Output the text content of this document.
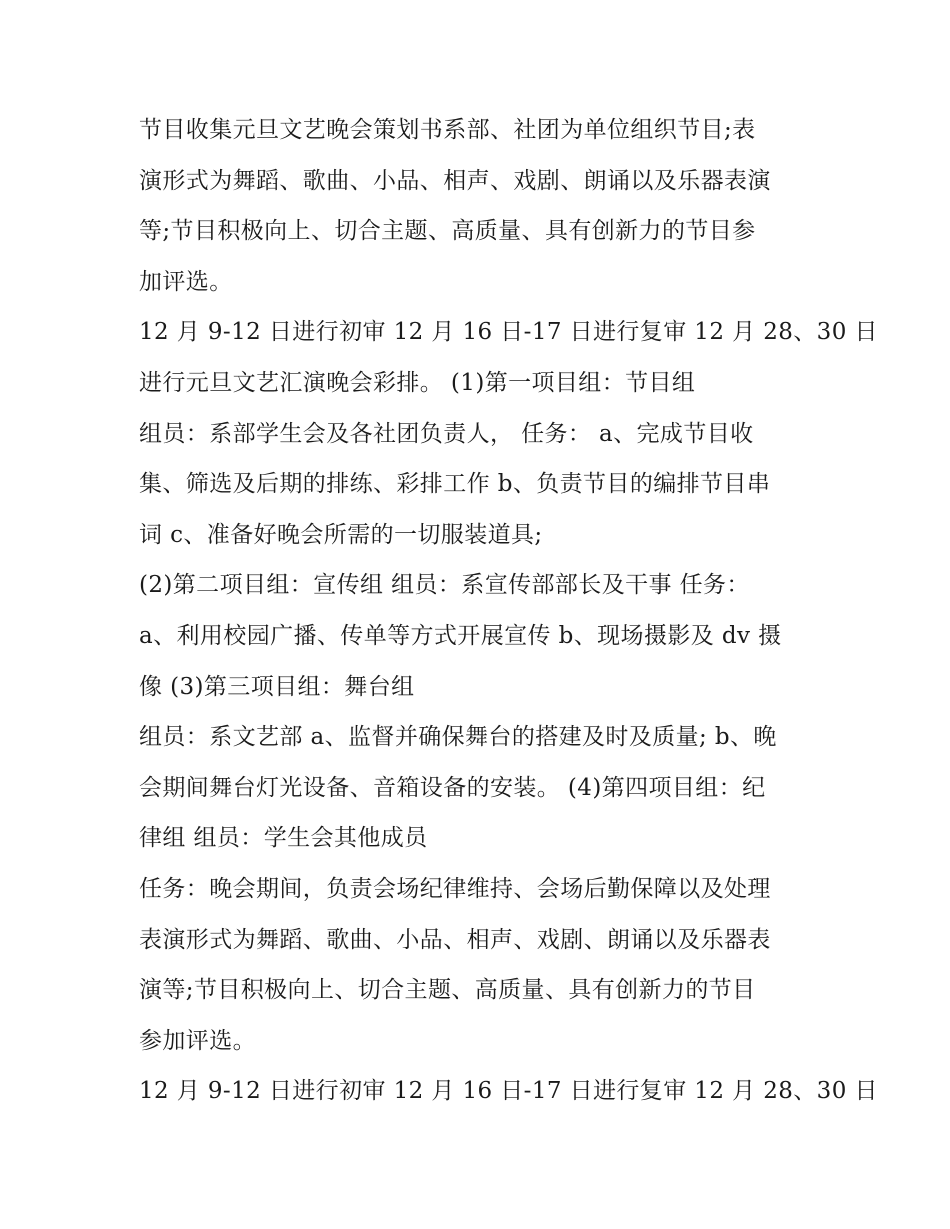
节目收集元旦文艺晚会策划书系部、社团为单位组织节目;表
演形式为舞蹈、歌曲、小品、相声、戏剧、朗诵以及乐器表演
等;节目积极向上、切合主题、高质量、具有创新力的节目参
加评选。
12 月 9-12 日进行初审 12 月 16 日-17 日进行复审 12 月 28、30 日
进行元旦文艺汇演晚会彩排。 (1)第一项目组：节目组
组员：系部学生会及各社团负责人， 任务： a、完成节目收
集、筛选及后期的排练、彩排工作 b、负责节目的编排节目串
词 c、准备好晚会所需的一切服装道具;
(2)第二项目组：宣传组 组员：系宣传部部长及干事 任务：
a、利用校园广播、传单等方式开展宣传 b、现场摄影及 dv 摄
像 (3)第三项目组：舞台组
组员：系文艺部 a、监督并确保舞台的搭建及时及质量; b、晚
会期间舞台灯光设备、音箱设备的安装。 (4)第四项目组：纪
律组 组员：学生会其他成员
任务：晚会期间，负责会场纪律维持、会场后勤保障以及处理
表演形式为舞蹈、歌曲、小品、相声、戏剧、朗诵以及乐器表
演等;节目积极向上、切合主题、高质量、具有创新力的节目
参加评选。
12 月 9-12 日进行初审 12 月 16 日-17 日进行复审 12 月 28、30 日
